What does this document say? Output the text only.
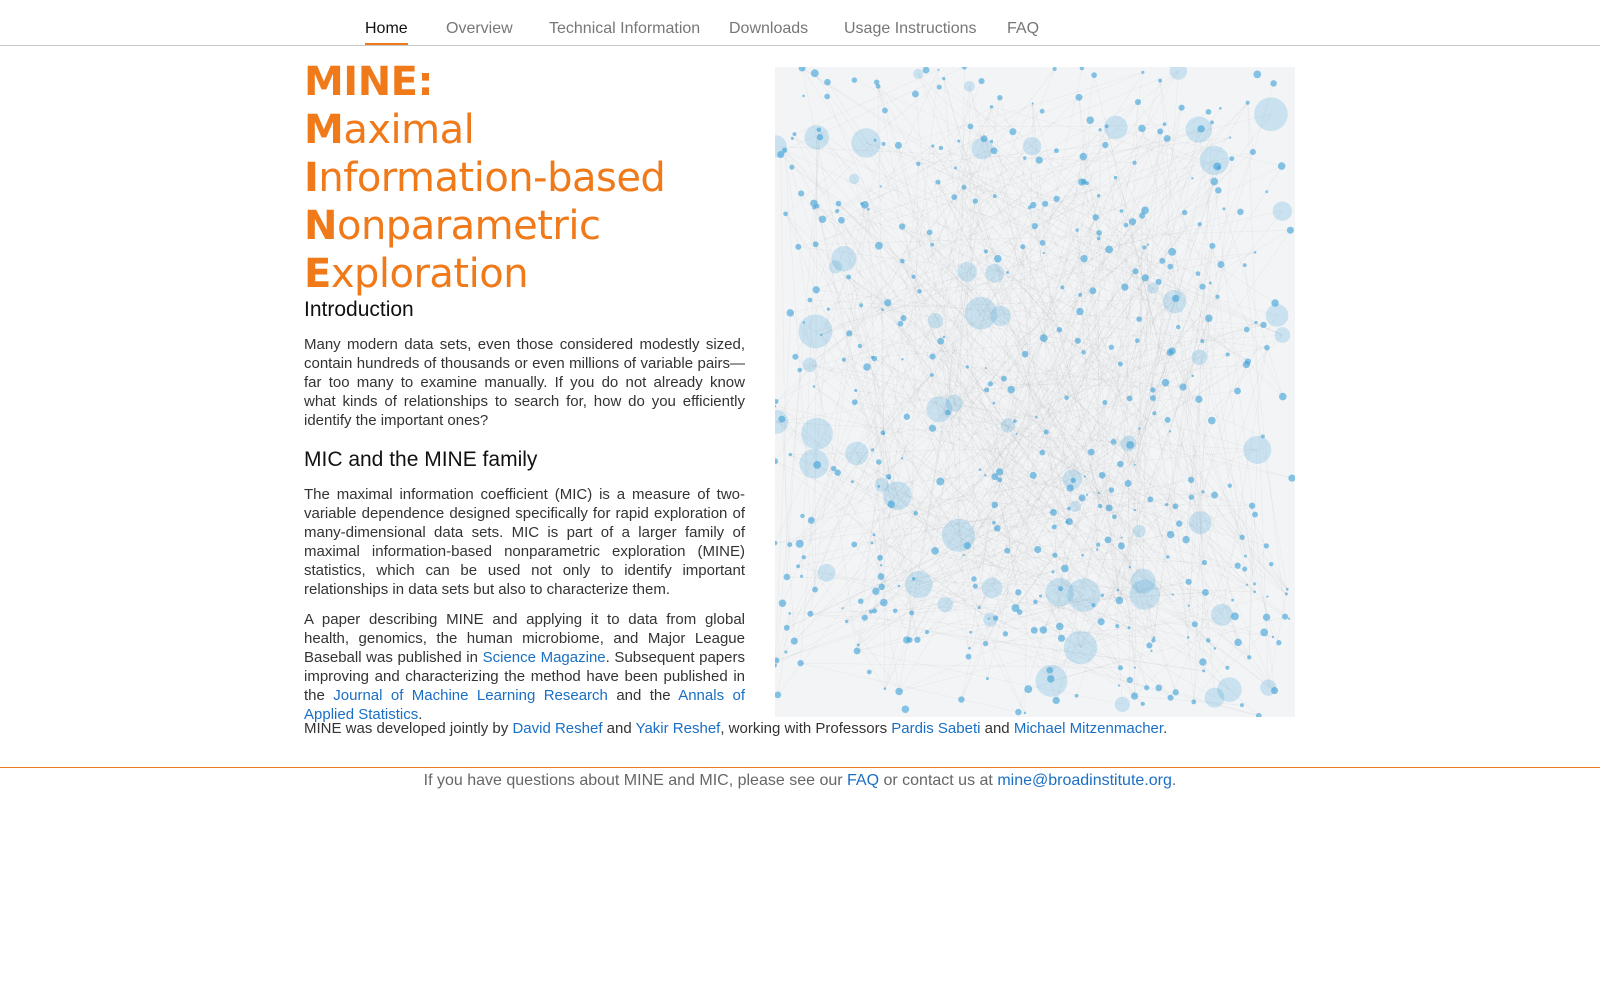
Home Overview Technical Information Downloads Usage Instructions FAQ
MINE:
Maximal
Information-based
Nonparametric
Exploration
Introduction

Many modern data sets, even those considered modestly sized, contain hundreds of thousands or even millions of variable pairs—far too many to examine manually. If you do not already know what kinds of relationships to search for, how do you efficiently identify the important ones?

MIC and the MINE family

The maximal information coefficient (MIC) is a measure of two-variable dependence designed specifically for rapid exploration of many-dimensional data sets. MIC is part of a larger family of maximal information-based nonparametric exploration (MINE) statistics, which can be used not only to identify important relationships in data sets but also to characterize them.

A paper describing MINE and applying it to data from global health, genomics, the human microbiome, and Major League Baseball was published in Science Magazine. Subsequent papers improving and characterizing the method have been published in the Journal of Machine Learning Research and the Annals of Applied Statistics.

MINE was developed jointly by David Reshef and Yakir Reshef, working with Professors Pardis Sabeti and Michael Mitzenmacher.
If you have questions about MINE and MIC, please see our FAQ or contact us at mine@broadinstitute.org.
